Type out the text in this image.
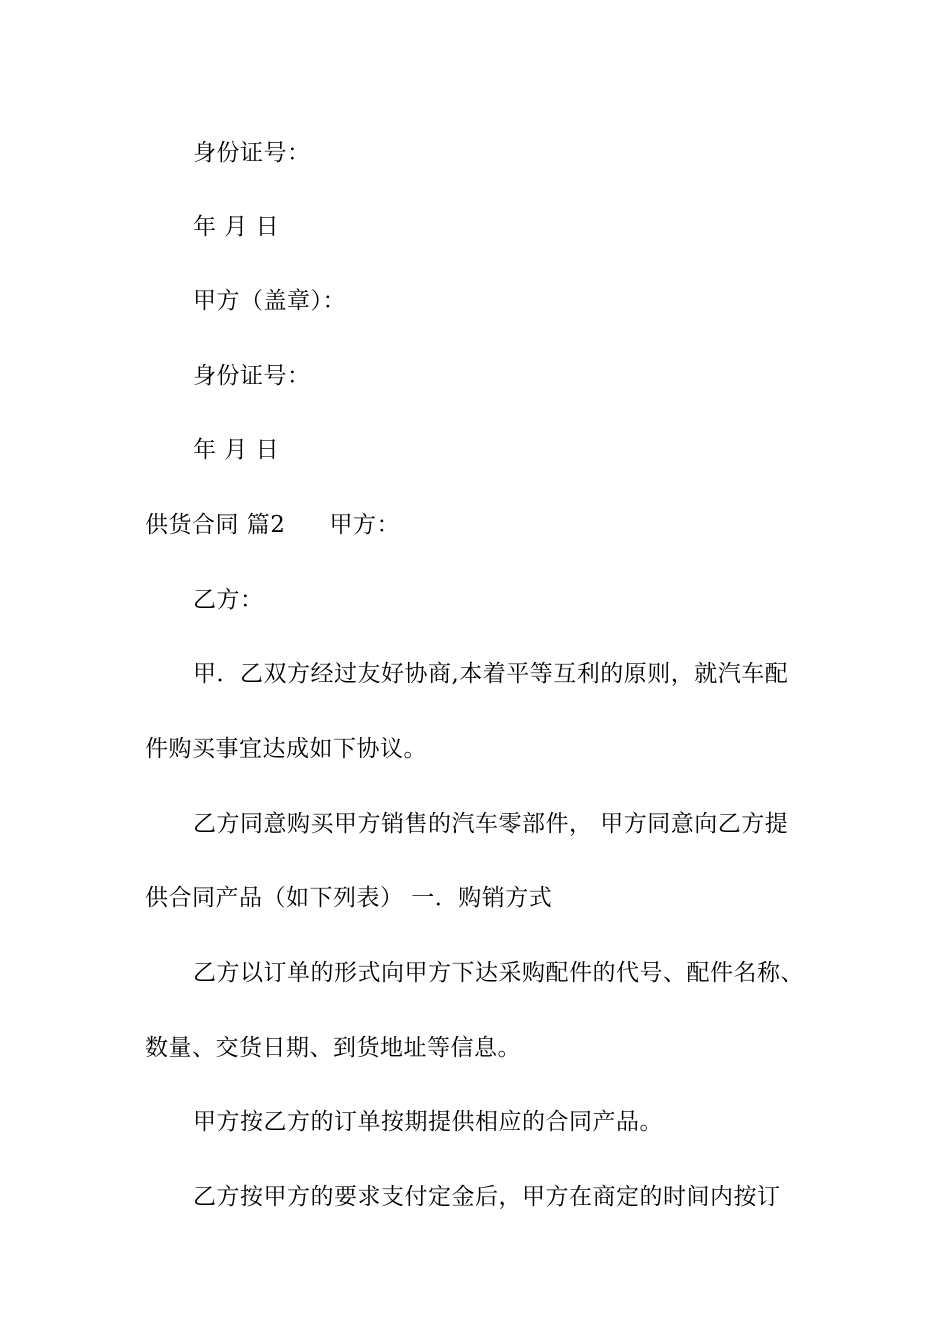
身份证号：
年 月 日
甲方（盖章）：
身份证号：
年 月 日
供货合同 篇2 甲方：
乙方：
甲．乙双方经过友好协商,本着平等互利的原则，就汽车配
件购买事宜达成如下协议。
乙方同意购买甲方销售的汽车零部件， 甲方同意向乙方提
供合同产品（如下列表） 一．购销方式
乙方以订单的形式向甲方下达采购配件的代号、配件名称、
数量、交货日期、到货地址等信息。
甲方按乙方的订单按期提供相应的合同产品。
乙方按甲方的要求支付定金后，甲方在商定的时间内按订
